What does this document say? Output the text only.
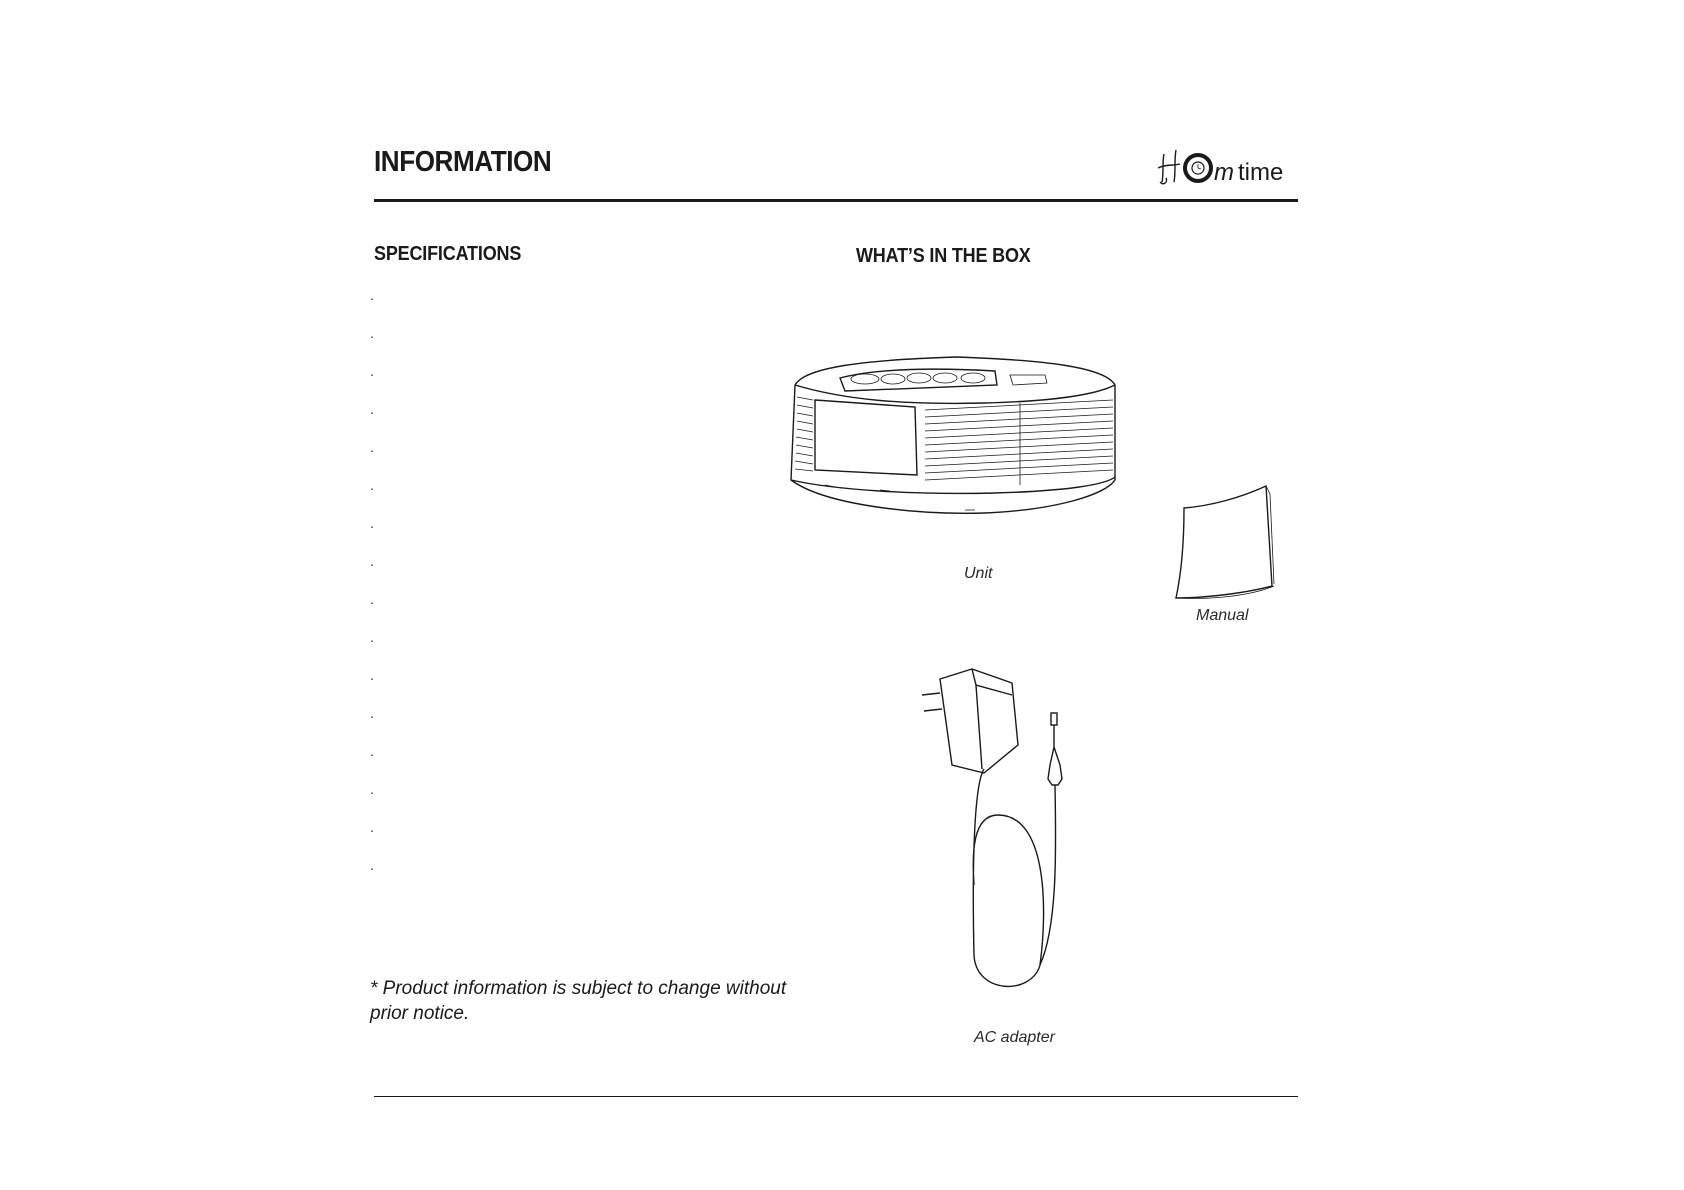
INFORMATION	m time
SPECIFICATIONS
.
.
.
.
.
.
.
.
.
.
.
.
.
.
.
.
* Product information is subject to change without prior notice.
WHAT’S IN THE BOX
Unit
Manual
AC adapter
